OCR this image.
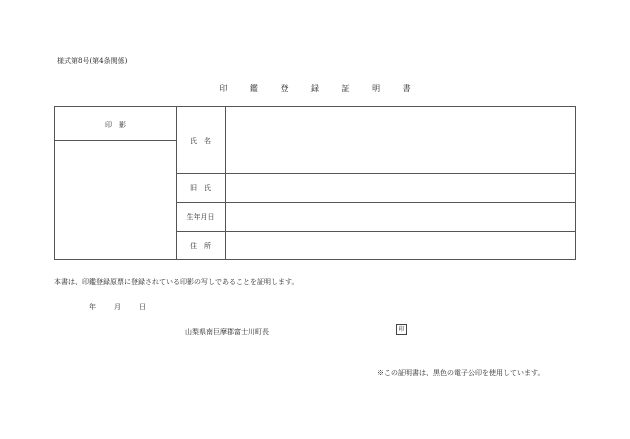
様式第8号(第4条関係)
印	鑑	登	録	証	明	書
印　影
氏　名
旧　氏
生年月日
住　所
本書は、印鑑登録原票に登録されている印影の写しであることを証明します。
年	月	日
山梨県南巨摩郡富士川町長	印
※この証明書は、黒色の電子公印を使用しています。
